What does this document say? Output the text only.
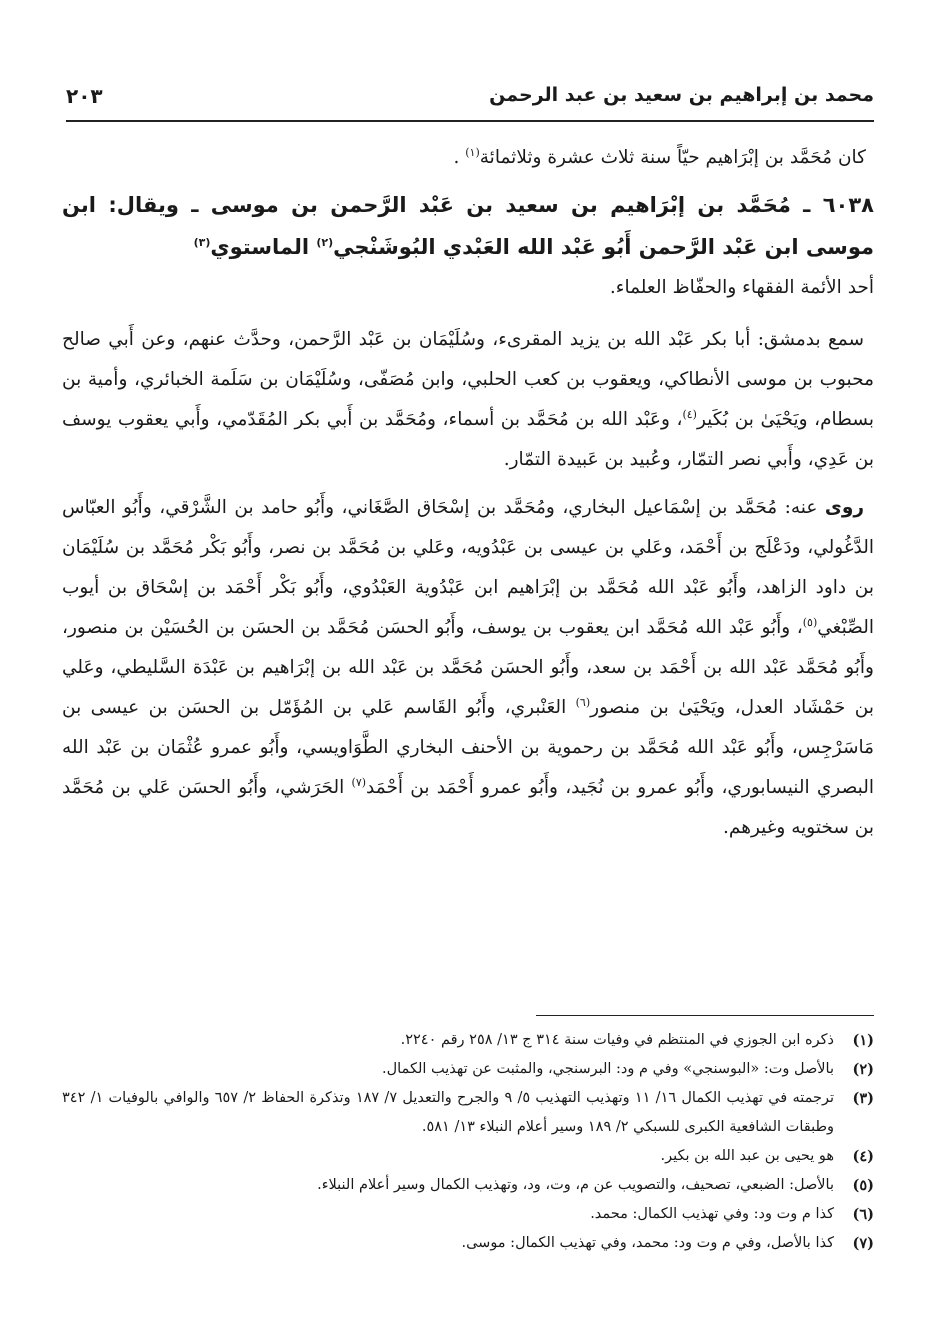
محمد بن إبراهيم بن سعيد بن عبد الرحمن
٢٠٣

كان مُحَمَّد بن إبْرَاهيم حيّاً سنة ثلاث عشرة وثلاثمائة$^{(١)}$ .

٦٠٣٨ ـ مُحَمَّد بن إبْرَاهيم بن سعيد بن عَبْد الرَّحمن بن موسى ـ ويقال: ابن موسى ابن عَبْد الرَّحمن أَبُو عَبْد الله العَبْدي البُوشَنْجي$^{(٢)}$ الماستوي$^{(٣)}$

أحد الأئمة الفقهاء والحفّاظ العلماء.

سمع بدمشق: أبا بكر عَبْد الله بن يزيد المقرىء، وسُلَيْمَان بن عَبْد الرَّحمن، وحدَّث عنهم، وعن أَبي صالح محبوب بن موسى الأنطاكي، ويعقوب بن كعب الحلبي، وابن مُصَفّى، وسُلَيْمَان بن سَلَمة الخبائري، وأمية بن بسطام، ويَحْيَىٰ بن بُكَير$^{(٤)}$، وعَبْد الله بن مُحَمَّد بن أسماء، ومُحَمَّد بن أَبي بكر المُقَدّمي، وأَبي يعقوب يوسف بن عَدِي، وأَبي نصر التمّار، وعُبيد بن عَبيدة التمّار.

روى عنه: مُحَمَّد بن إسْمَاعيل البخاري، ومُحَمَّد بن إسْحَاق الصَّغَاني، وأَبُو حامد بن الشَّرْقي، وأَبُو العبّاس الدَّغُولي، ودَعْلَج بن أَحْمَد، وعَلي بن عيسى بن عَبْدُويه، وعَلي بن مُحَمَّد بن نصر، وأَبُو بَكْر مُحَمَّد بن سُلَيْمَان بن داود الزاهد، وأَبُو عَبْد الله مُحَمَّد بن إبْرَاهيم ابن عَبْدُوية العَبْدُوي، وأَبُو بَكْر أَحْمَد بن إسْحَاق بن أيوب الصِّبْغي$^{(٥)}$، وأَبُو عَبْد الله مُحَمَّد ابن يعقوب بن يوسف، وأَبُو الحسَن مُحَمَّد بن الحسَن بن الحُسَيْن بن منصور، وأَبُو مُحَمَّد عَبْد الله بن أَحْمَد بن سعد، وأَبُو الحسَن مُحَمَّد بن عَبْد الله بن إبْرَاهيم بن عَبْدَة السَّليطي، وعَلي بن حَمْشَاد العدل، ويَحْيَىٰ بن منصور$^{(٦)}$ العَنْبري، وأَبُو القَاسم عَلي بن المُؤَمّل بن الحسَن بن عيسى بن مَاسَرْجِس، وأَبُو عَبْد الله مُحَمَّد بن رحموية بن الأحنف البخاري الطَّوَاويسي، وأَبُو عمرو عُثْمَان بن عَبْد الله البصري النيسابوري، وأَبُو عمرو بن نُجَيد، وأَبُو عمرو أَحْمَد بن أَحْمَد$^{(٧)}$ الحَرَشي، وأَبُو الحسَن عَلي بن مُحَمَّد بن سختويه وغيرهم.

(١)
ذكره ابن الجوزي في المنتظم في وفيات سنة ٣١٤ ج ١٣/ ٢٥٨ رقم ٢٢٤٠.
(٢)
بالأصل وت: «البوسنجي» وفي م ود: البرسنجي، والمثبت عن تهذيب الكمال.
(٣)
ترجمته في تهذيب الكمال ١٦/ ١١ وتهذيب التهذيب ٥/ ٩ والجرح والتعديل ٧/ ١٨٧ وتذكرة الحفاظ ٢/ ٦٥٧ والوافي بالوفيات ١/ ٣٤٢ وطبقات الشافعية الكبرى للسبكي ٢/ ١٨٩ وسير أعلام النبلاء ١٣/ ٥٨١.
(٤)
هو يحيى بن عبد الله بن بكير.
(٥)
بالأصل: الضبعي، تصحيف، والتصويب عن م، وت، ود، وتهذيب الكمال وسير أعلام النبلاء.
(٦)
كذا م وت ود: وفي تهذيب الكمال: محمد.
(٧)
كذا بالأصل، وفي م وت ود: محمد، وفي تهذيب الكمال: موسى.
